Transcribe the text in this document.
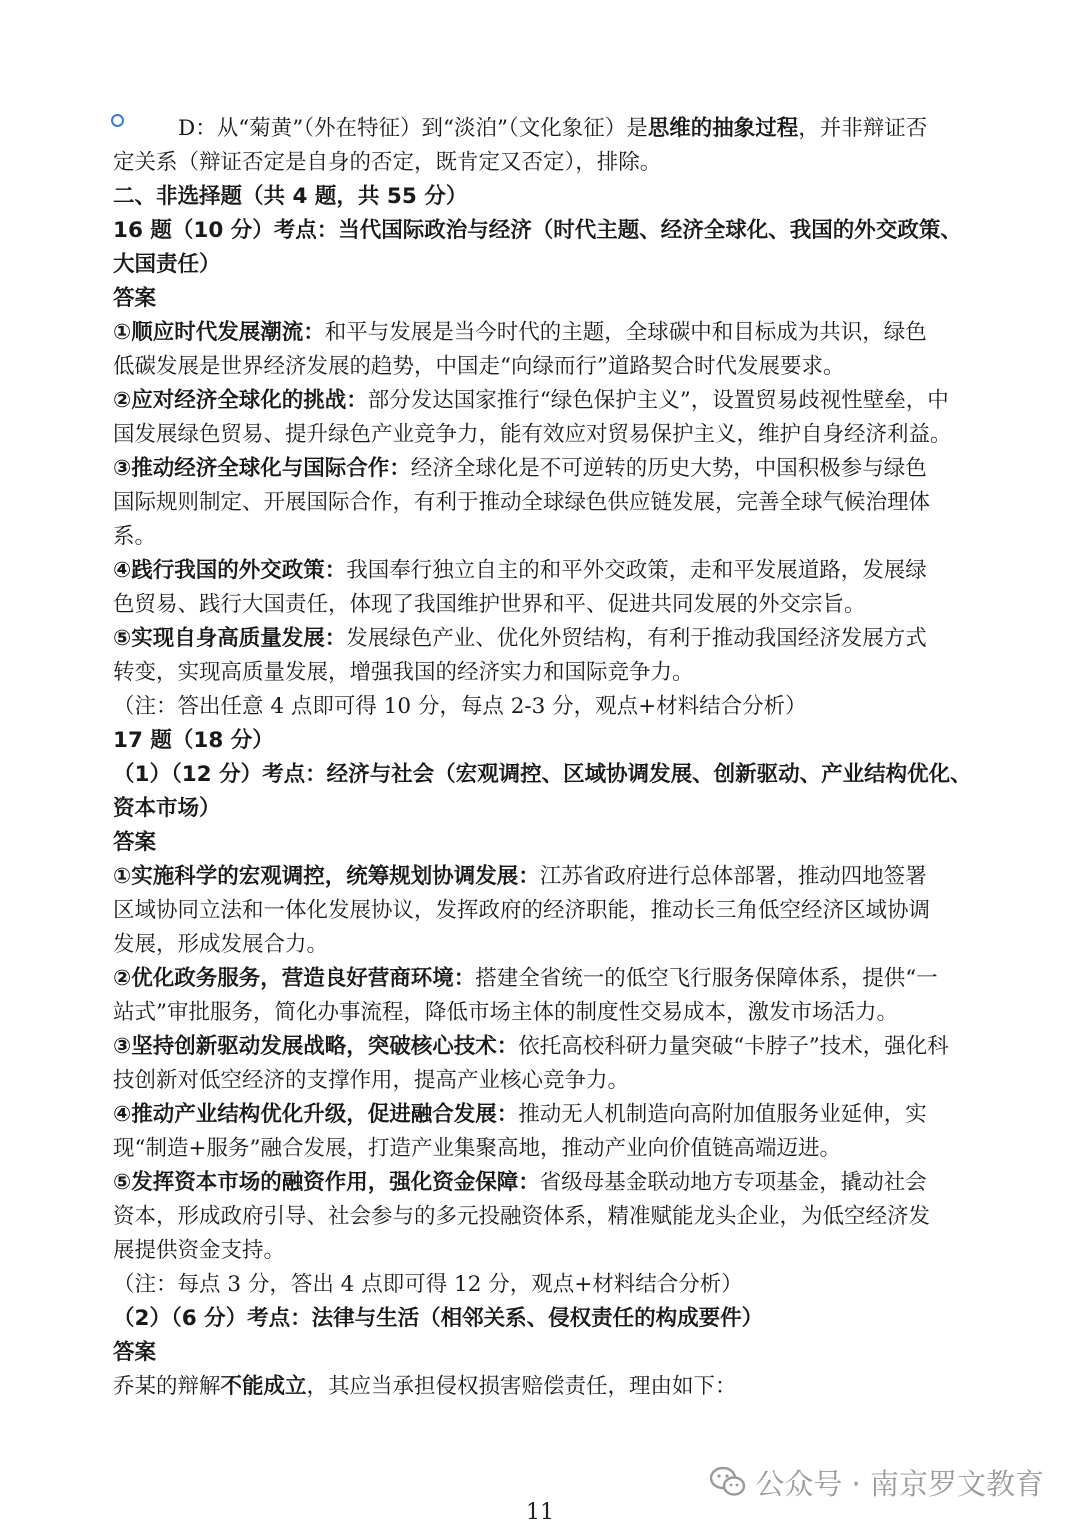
D：从“菊黄”（外在特征）到“淡泊”（文化象征）是思维的抽象过程，并非辩证否
定关系（辩证否定是自身的否定，既肯定又否定），排除。
二、非选择题（共 4 题，共 55 分）
16 题（10 分）考点：当代国际政治与经济（时代主题、经济全球化、我国的外交政策、
大国责任）
答案
①顺应时代发展潮流：和平与发展是当今时代的主题，全球碳中和目标成为共识，绿色
低碳发展是世界经济发展的趋势，中国走“向绿而行”道路契合时代发展要求。
②应对经济全球化的挑战：部分发达国家推行“绿色保护主义”，设置贸易歧视性壁垒，中
国发展绿色贸易、提升绿色产业竞争力，能有效应对贸易保护主义，维护自身经济利益。
③推动经济全球化与国际合作：经济全球化是不可逆转的历史大势，中国积极参与绿色
国际规则制定、开展国际合作，有利于推动全球绿色供应链发展，完善全球气候治理体
系。
④践行我国的外交政策：我国奉行独立自主的和平外交政策，走和平发展道路，发展绿
色贸易、践行大国责任，体现了我国维护世界和平、促进共同发展的外交宗旨。
⑤实现自身高质量发展：发展绿色产业、优化外贸结构，有利于推动我国经济发展方式
转变，实现高质量发展，增强我国的经济实力和国际竞争力。
（注：答出任意 4 点即可得 10 分，每点 2-3 分，观点+材料结合分析）
17 题（18 分）
（1）（12 分）考点：经济与社会（宏观调控、区域协调发展、创新驱动、产业结构优化、
资本市场）
答案
①实施科学的宏观调控，统筹规划协调发展：江苏省政府进行总体部署，推动四地签署
区域协同立法和一体化发展协议，发挥政府的经济职能，推动长三角低空经济区域协调
发展，形成发展合力。
②优化政务服务，营造良好营商环境：搭建全省统一的低空飞行服务保障体系，提供“一
站式”审批服务，简化办事流程，降低市场主体的制度性交易成本，激发市场活力。
③坚持创新驱动发展战略，突破核心技术：依托高校科研力量突破“卡脖子”技术，强化科
技创新对低空经济的支撑作用，提高产业核心竞争力。
④推动产业结构优化升级，促进融合发展：推动无人机制造向高附加值服务业延伸，实
现“制造+服务”融合发展，打造产业集聚高地，推动产业向价值链高端迈进。
⑤发挥资本市场的融资作用，强化资金保障：省级母基金联动地方专项基金，撬动社会
资本，形成政府引导、社会参与的多元投融资体系，精准赋能龙头企业，为低空经济发
展提供资金支持。
（注：每点 3 分，答出 4 点即可得 12 分，观点+材料结合分析）
（2）（6 分）考点：法律与生活（相邻关系、侵权责任的构成要件）
答案
乔某的辩解不能成立，其应当承担侵权损害赔偿责任，理由如下：
公众号 · 南京罗文教育
11
